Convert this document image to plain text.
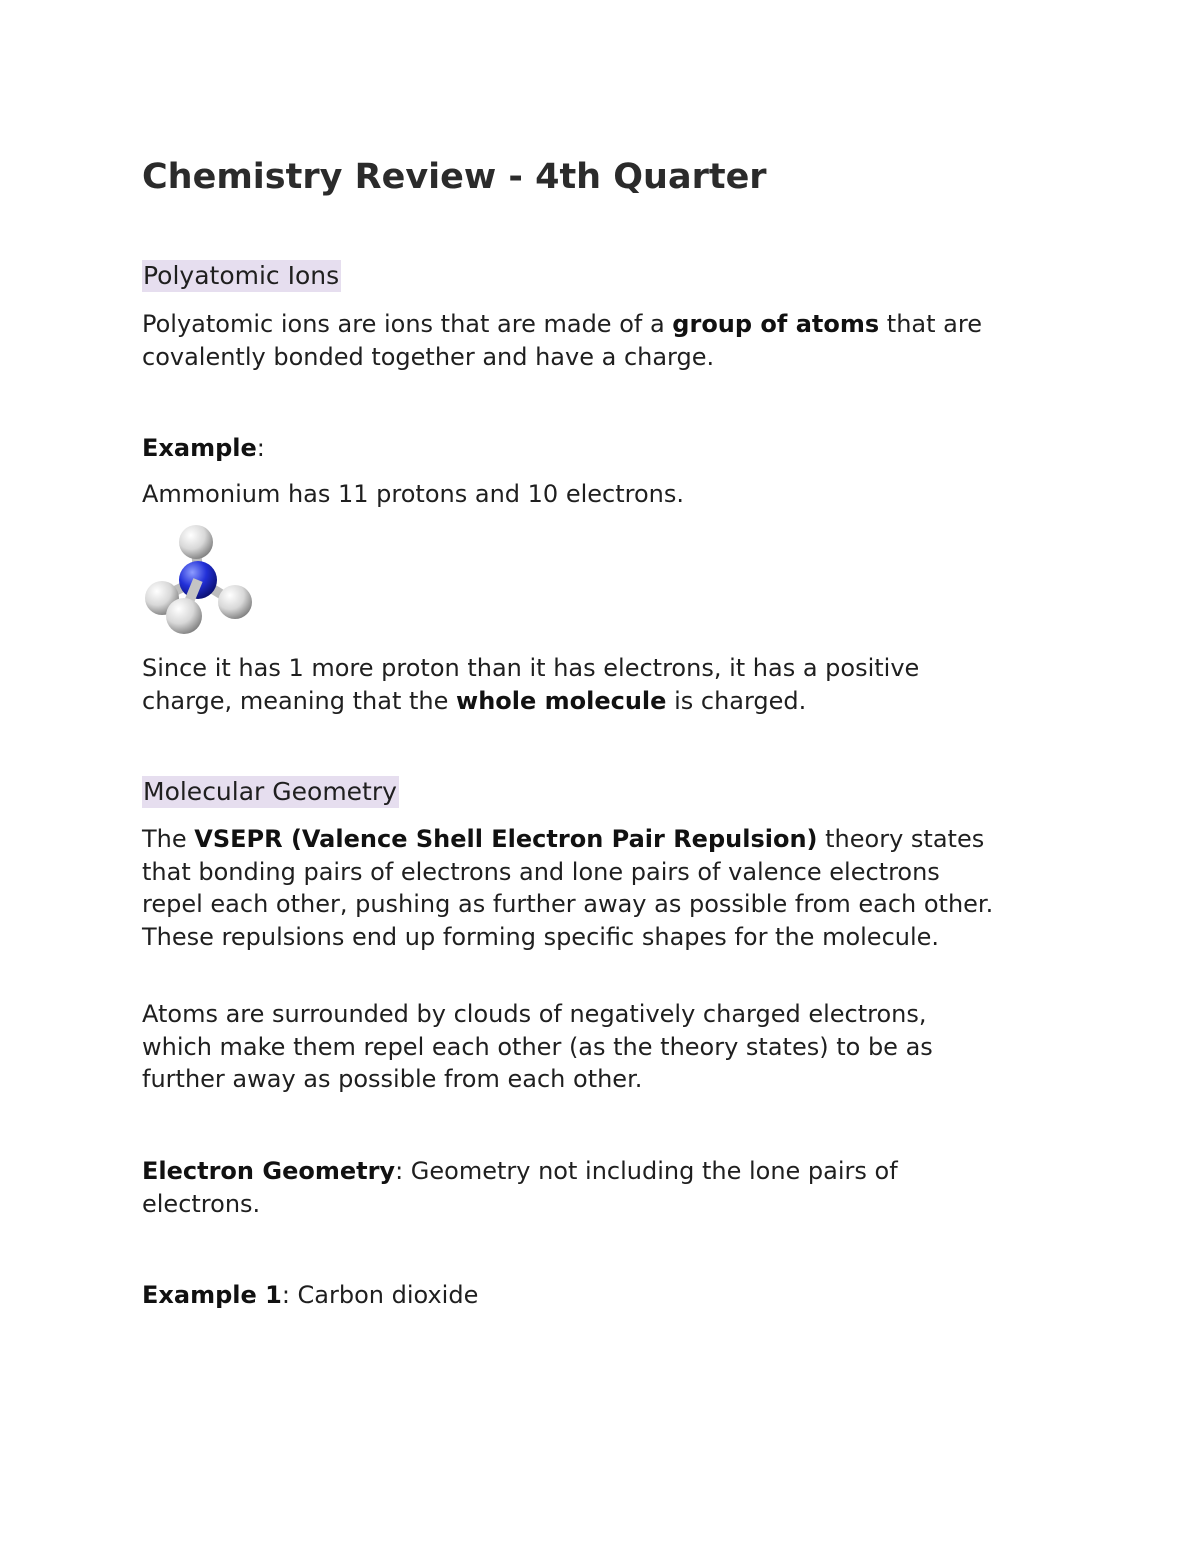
Chemistry Review - 4th Quarter
Polyatomic Ions

Polyatomic ions are ions that are made of a group of atoms that are covalently bonded together and have a charge.

Example:

Ammonium has 11 protons and 10 electrons.

Since it has 1 more proton than it has electrons, it has a positive charge, meaning that the whole molecule is charged.

Molecular Geometry

The VSEPR (Valence Shell Electron Pair Repulsion) theory states that bonding pairs of electrons and lone pairs of valence electrons repel each other, pushing as further away as possible from each other. These repulsions end up forming specific shapes for the molecule.

Atoms are surrounded by clouds of negatively charged electrons, which make them repel each other (as the theory states) to be as further away as possible from each other.

Electron Geometry: Geometry not including the lone pairs of electrons.

Example 1: Carbon dioxide
